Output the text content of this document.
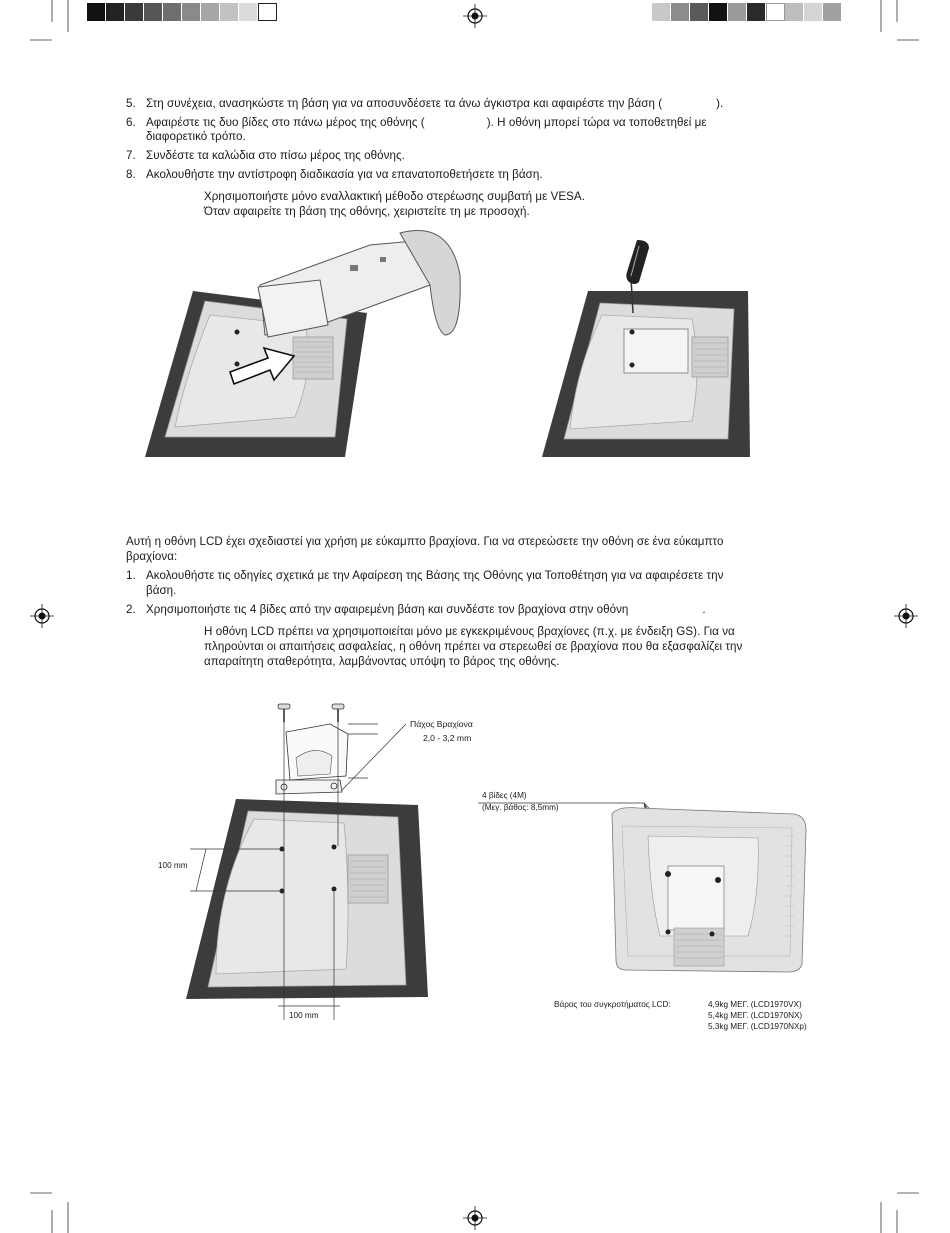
5. Στη συνέχεια, ανασηκώστε τη βάση για να αποσυνδέσετε τα άνω άγκιστρα και αφαιρέστε την βάση (	).
6. Αφαιρέστε τις δυο βίδες στο πάνω μέρος της οθόνης (	). Η οθόνη μπορεί τώρα να τοποθετηθεί με
διαφορετικό τρόπο.
7. Συνδέστε τα καλώδια στο πίσω μέρος της οθόνης.
8. Ακολουθήστε την αντίστροφη διαδικασία για να επανατοποθετήσετε τη βάση.
Χρησιμοποιήστε μόνο εναλλακτική μέθοδο στερέωσης συμβατή με VESA.
Όταν αφαιρείτε τη βάση της οθόνης, χειριστείτε τη με προσοχή.
Αυτή η οθόνη LCD έχει σχεδιαστεί για χρήση με εύκαμπτο βραχίονα. Για να στερεώσετε την οθόνη σε ένα εύκαμπτο
βραχίονα:
1. Ακολουθήστε τις οδηγίες σχετικά με την Αφαίρεση της Βάσης της Οθόνης για Τοποθέτηση για να αφαιρέσετε την
βάση.
2. Χρησιμοποιήστε τις 4 βίδες από την αφαιρεμένη βάση και συνδέστε τον βραχίονα στην οθόνη	.
Η οθόνη LCD πρέπει να χρησιμοποιείται μόνο με εγκεκριμένους βραχίονες (π.χ. με ένδειξη GS). Για να
πληρούνται οι απαιτήσεις ασφαλείας, η οθόνη πρέπει να στερεωθεί σε βραχίονα που θα εξασφαλίζει την
απαραίτητη σταθερότητα, λαμβάνοντας υπόψη το βάρος της οθόνης.
Πάχος Βραχίονα
2,0 - 3,2 mm
100 mm
100 mm
4 βίδες (4M)
(Μεγ. βάθος: 8,5mm)
Βάρος του συγκροτήματος LCD:	4,9kg ΜΕΓ. (LCD1970VX)
5,4kg ΜΕΓ. (LCD1970NX)
5,3kg ΜΕΓ. (LCD1970NXp)
